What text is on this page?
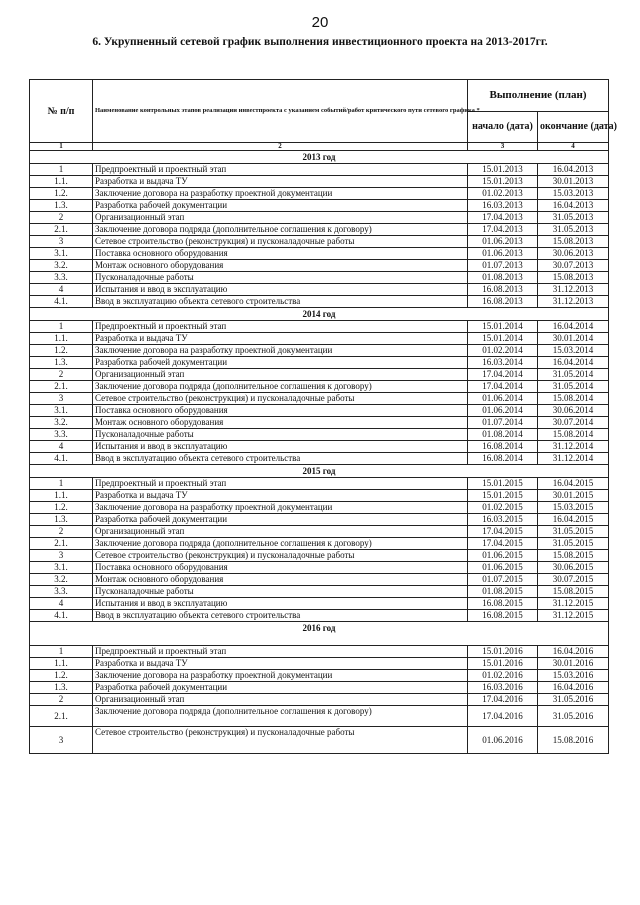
20
6. Укрупненный сетевой график выполнения инвестиционного проекта на 2013-2017гг.
№ п/п	Наименование контрольных этапов реализации инвестпроекта с указанием событий/работ критического пути сетевого графика *	Выполнение (план)	
		начало (дата)	окончание (дата)
1	2	3	4
2013 год			
1	Предпроектный и проектный этап	15.01.2013	16.04.2013
1.1.	Разработка и выдача ТУ	15.01.2013	30.01.2013
1.2.	Заключение договора на разработку проектной документации	01.02.2013	15.03.2013
1.3.	Разработка рабочей документации	16.03.2013	16.04.2013
2	Организационный этап	17.04.2013	31.05.2013
2.1.	Заключение договора подряда (дополнительное соглашения к договору)	17.04.2013	31.05.2013
3	Сетевое строительство (реконструкция) и пусконаладочные работы	01.06.2013	15.08.2013
3.1.	Поставка основного оборудования	01.06.2013	30.06.2013
3.2.	Монтаж основного оборудования	01.07.2013	30.07.2013
3.3.	Пусконаладочные работы	01.08.2013	15.08.2013
4	Испытания и ввод в эксплуатацию	16.08.2013	31.12.2013
4.1.	Ввод в эксплуатацию объекта сетевого строительства	16.08.2013	31.12.2013
2014 год			
1	Предпроектный и проектный этап	15.01.2014	16.04.2014
1.1.	Разработка и выдача ТУ	15.01.2014	30.01.2014
1.2.	Заключение договора на разработку проектной документации	01.02.2014	15.03.2014
1.3.	Разработка рабочей документации	16.03.2014	16.04.2014
2	Организационный этап	17.04.2014	31.05.2014
2.1.	Заключение договора подряда (дополнительное соглашения к договору)	17.04.2014	31.05.2014
3	Сетевое строительство (реконструкция) и пусконаладочные работы	01.06.2014	15.08.2014
3.1.	Поставка основного оборудования	01.06.2014	30.06.2014
3.2.	Монтаж основного оборудования	01.07.2014	30.07.2014
3.3.	Пусконаладочные работы	01.08.2014	15.08.2014
4	Испытания и ввод в эксплуатацию	16.08.2014	31.12.2014
4.1.	Ввод в эксплуатацию объекта сетевого строительства	16.08.2014	31.12.2014
2015 год			
1	Предпроектный и проектный этап	15.01.2015	16.04.2015
1.1.	Разработка и выдача ТУ	15.01.2015	30.01.2015
1.2.	Заключение договора на разработку проектной документации	01.02.2015	15.03.2015
1.3.	Разработка рабочей документации	16.03.2015	16.04.2015
2	Организационный этап	17.04.2015	31.05.2015
2.1.	Заключение договора подряда (дополнительное соглашения к договору)	17.04.2015	31.05.2015
3	Сетевое строительство (реконструкция) и пусконаладочные работы	01.06.2015	15.08.2015
3.1.	Поставка основного оборудования	01.06.2015	30.06.2015
3.2.	Монтаж основного оборудования	01.07.2015	30.07.2015
3.3.	Пусконаладочные работы	01.08.2015	15.08.2015
4	Испытания и ввод в эксплуатацию	16.08.2015	31.12.2015
4.1.	Ввод в эксплуатацию объекта сетевого строительства	16.08.2015	31.12.2015
2016 год			
1	Предпроектный и проектный этап	15.01.2016	16.04.2016
1.1.	Разработка и выдача ТУ	15.01.2016	30.01.2016
1.2.	Заключение договора на разработку проектной документации	01.02.2016	15.03.2016
1.3.	Разработка рабочей документации	16.03.2016	16.04.2016
2	Организационный этап	17.04.2016	31.05.2016
2.1.	Заключение договора подряда (дополнительное соглашения к договору)	17.04.2016	31.05.2016
3	Сетевое строительство (реконструкция) и пусконаладочные работы	01.06.2016	15.08.2016
